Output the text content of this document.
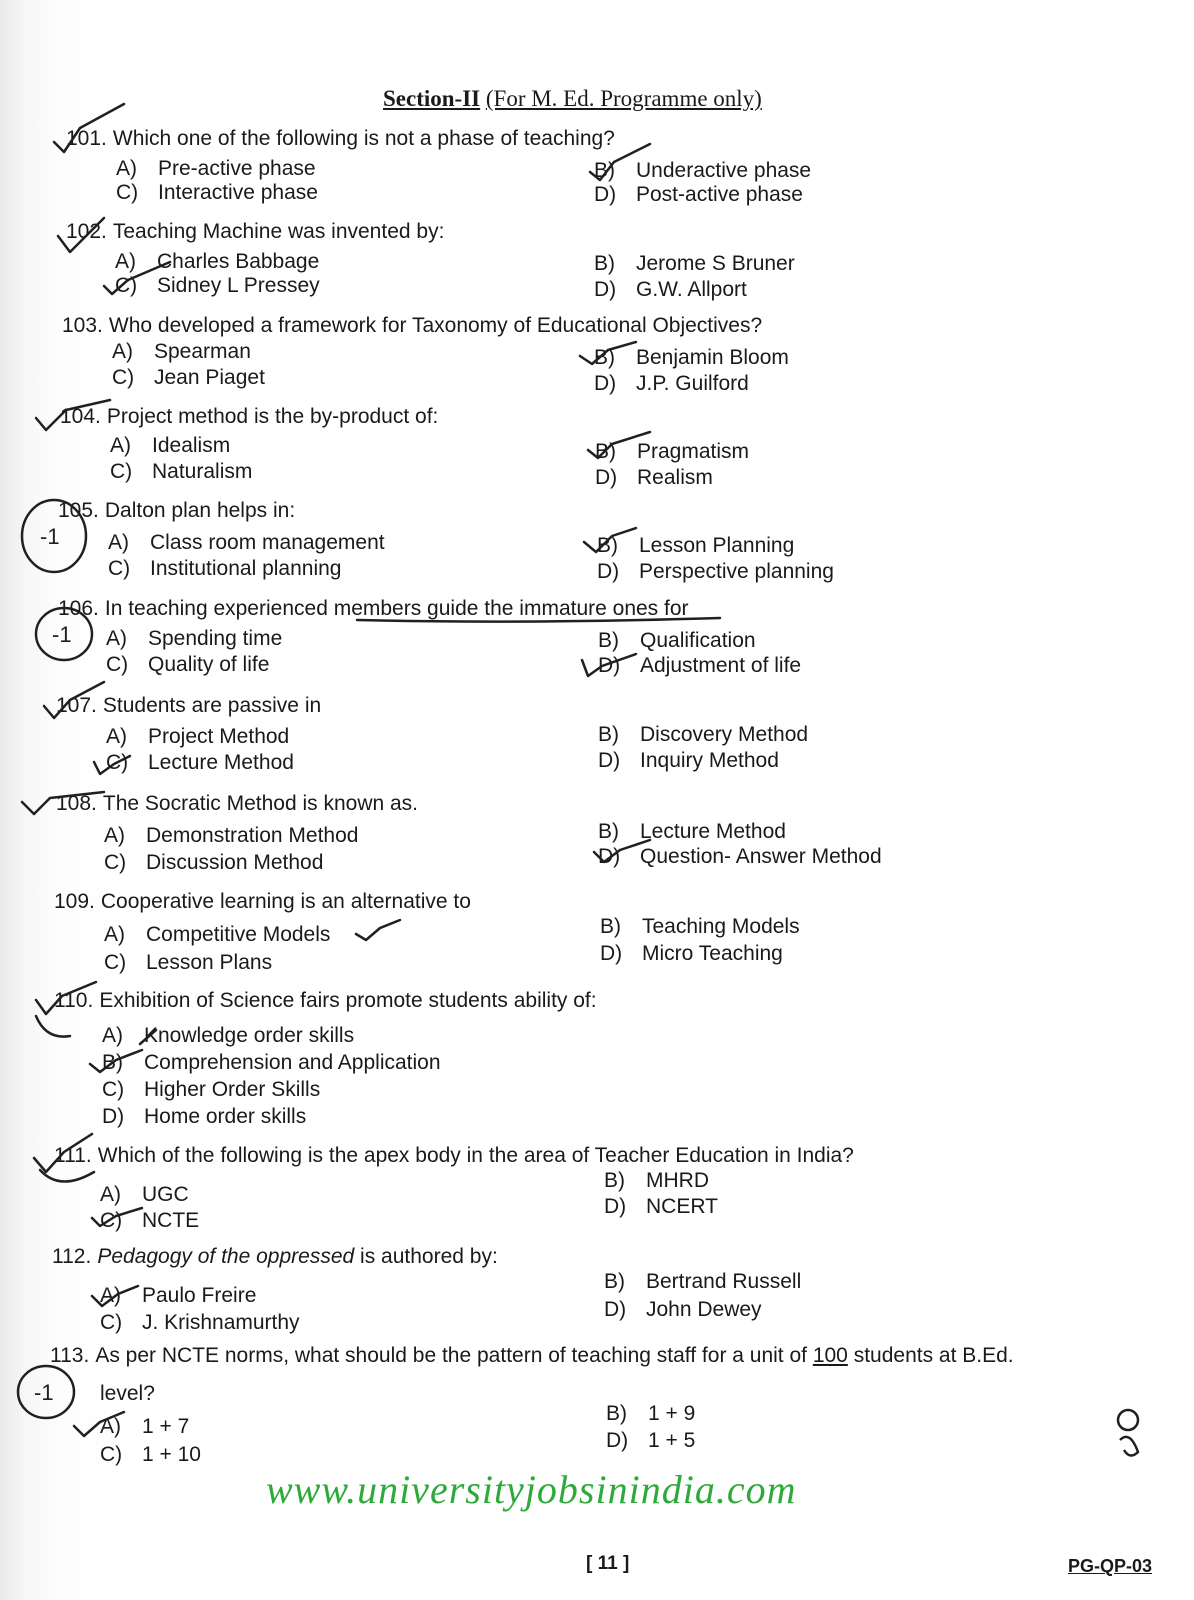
Section-II (For M. Ed. Programme only)
101. Which one of the following is not a phase of teaching?
A) Pre-active phase	B) Underactive phase
C) Interactive phase	D) Post-active phase
102. Teaching Machine was invented by:
A) Charles Babbage	B) Jerome S Bruner
C) Sidney L Pressey	D) G.W. Allport
103. Who developed a framework for Taxonomy of Educational Objectives?
A) Spearman	B) Benjamin Bloom
C) Jean Piaget	D) J.P. Guilford
104. Project method is the by-product of:
A) Idealism	B) Pragmatism
C) Naturalism	D) Realism
105. Dalton plan helps in:
A) Class room management	B) Lesson Planning
C) Institutional planning	D) Perspective planning
106. In teaching experienced members guide the immature ones for
A) Spending time	B) Qualification
C) Quality of life	D) Adjustment of life
107. Students are passive in
A) Project Method	B) Discovery Method
C) Lecture Method	D) Inquiry Method
108. The Socratic Method is known as.
A) Demonstration Method	B) Lecture Method
C) Discussion Method	D) Question- Answer Method
109. Cooperative learning is an alternative to
A) Competitive Models	B) Teaching Models
C) Lesson Plans	D) Micro Teaching
110. Exhibition of Science fairs promote students ability of:
A) Knowledge order skills
B) Comprehension and Application
C) Higher Order Skills
D) Home order skills
111. Which of the following is the apex body in the area of Teacher Education in India?
A) UGC
B) MHRD
C) NCTE
D) NCERT
112. Pedagogy of the oppressed is authored by:
A) Paulo Freire
B) Bertrand Russell
C) J. Krishnamurthy
D) John Dewey
113. As per NCTE norms, what should be the pattern of teaching staff for a unit of 100 students at B.Ed.
level?
A) 1 + 7
B) 1 + 9
C) 1 + 10
D) 1 + 5
-1
-1
-1
www.universityjobsinindia.com
[ 11 ]	PG-QP-03
